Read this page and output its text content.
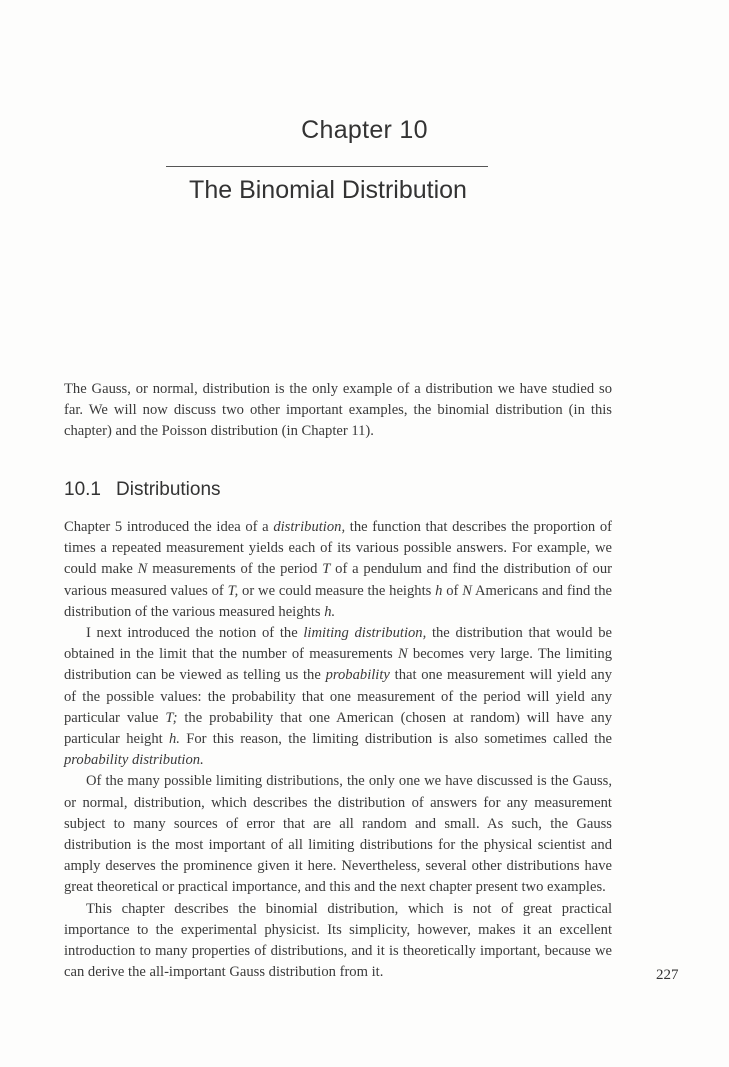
Chapter 10
The Binomial Distribution

The Gauss, or normal, distribution is the only example of a distribution we have studied so far. We will now discuss two other important examples, the binomial distribution (in this chapter) and the Poisson distribution (in Chapter 11).

10.1 Distributions

Chapter 5 introduced the idea of a distribution, the function that describes the proportion of times a repeated measurement yields each of its various possible answers. For example, we could make N measurements of the period T of a pendulum and find the distribution of our various measured values of T, or we could measure the heights h of N Americans and find the distribution of the various measured heights h.

I next introduced the notion of the limiting distribution, the distribution that would be obtained in the limit that the number of measurements N becomes very large. The limiting distribution can be viewed as telling us the probability that one measurement will yield any of the possible values: the probability that one measurement of the period will yield any particular value T; the probability that one American (chosen at random) will have any particular height h. For this reason, the limiting distribution is also sometimes called the probability distribution.

Of the many possible limiting distributions, the only one we have discussed is the Gauss, or normal, distribution, which describes the distribution of answers for any measurement subject to many sources of error that are all random and small. As such, the Gauss distribution is the most important of all limiting distributions for the physical scientist and amply deserves the prominence given it here. Nevertheless, several other distributions have great theoretical or practical importance, and this and the next chapter present two examples.

This chapter describes the binomial distribution, which is not of great practical importance to the experimental physicist. Its simplicity, however, makes it an excellent introduction to many properties of distributions, and it is theoretically important, because we can derive the all-important Gauss distribution from it.	227
